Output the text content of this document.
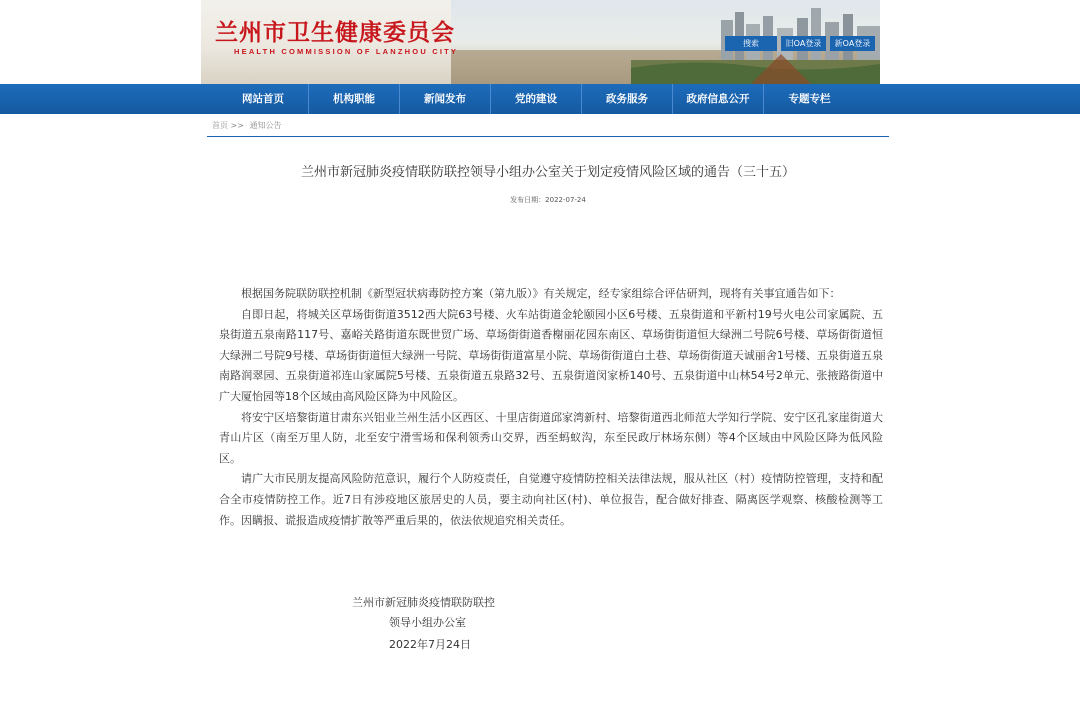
兰州市卫生健康委员会
HEALTH COMMISSION OF LANZHOU CITY
搜索	旧OA登录	新OA登录
网站首页	机构职能	新闻发布	党的建设	政务服务	政府信息公开	专题专栏
首页 >> 通知公告
兰州市新冠肺炎疫情联防联控领导小组办公室关于划定疫情风险区域的通告（三十五）
发布日期：2022-07-24

根据国务院联防联控机制《新型冠状病毒防控方案（第九版）》有关规定，经专家组综合评估研判，现将有关事宜通告如下：

自即日起，将城关区草场街街道3512西大院63号楼、火车站街道金轮颐园小区6号楼、五泉街道和平新村19号火电公司家属院、五泉街道五泉南路117号、嘉峪关路街道东既世贸广场、草场街街道香榭丽花园东南区、草场街街道恒大绿洲二号院6号楼、草场街街道恒大绿洲二号院9号楼、草场街街道恒大绿洲一号院、草场街街道富星小院、草场街街道白土巷、草场街街道天诚丽舍1号楼、五泉街道五泉南路润翠园、五泉街道祁连山家属院5号楼、五泉街道五泉路32号、五泉街道闵家桥140号、五泉街道中山林54号2单元、张掖路街道中广大厦怡园等18个区域由高风险区降为中风险区。

将安宁区培黎街道甘肃东兴铝业兰州生活小区西区、十里店街道邱家湾新村、培黎街道西北师范大学知行学院、安宁区孔家崖街道大青山片区（南至万里人防，北至安宁滑雪场和保利领秀山交界，西至蚂蚁沟，东至民政厅林场东侧）等4个区域由中风险区降为低风险区。

请广大市民朋友提高风险防范意识，履行个人防疫责任，自觉遵守疫情防控相关法律法规，服从社区（村）疫情防控管理，支持和配合全市疫情防控工作。近7日有涉疫地区旅居史的人员，要主动向社区(村)、单位报告，配合做好排查、隔离医学观察、核酸检测等工作。因瞒报、谎报造成疫情扩散等严重后果的，依法依规追究相关责任。

兰州市新冠肺炎疫情联防联控
领导小组办公室
2022年7月24日
